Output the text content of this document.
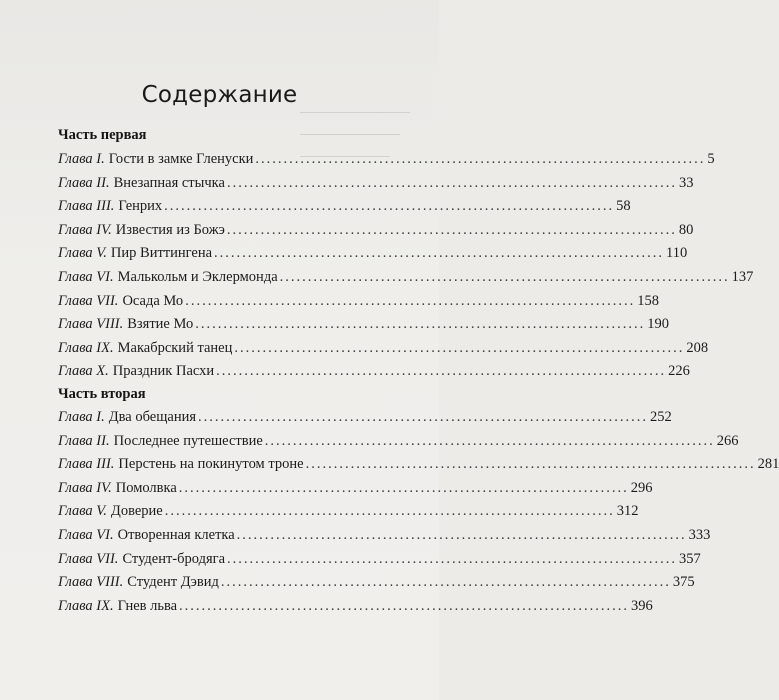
Содержание
Часть первая
Глава I. Гости в замке Гленуски ................................................................................ 5
Глава II. Внезапная стычка ................................................................................ 33
Глава III. Генрих ................................................................................ 58
Глава IV. Известия из Божэ ................................................................................ 80
Глава V. Пир Виттингена ................................................................................ 110
Глава VI. Малькольм и Эклермонда ................................................................................ 137
Глава VII. Осада Мо ................................................................................ 158
Глава VIII. Взятие Мо ................................................................................ 190
Глава IX. Макабрский танец ................................................................................ 208
Глава X. Праздник Пасхи ................................................................................ 226
Часть вторая
Глава I. Два обещания ................................................................................ 252
Глава II. Последнее путешествие ................................................................................ 266
Глава III. Перстень на покинутом троне ................................................................................ 281
Глава IV. Помолвка ................................................................................ 296
Глава V. Доверие ................................................................................ 312
Глава VI. Отворенная клетка ................................................................................ 333
Глава VII. Студент-бродяга ................................................................................ 357
Глава VIII. Студент Дэвид ................................................................................ 375
Глава IX. Гнев льва ................................................................................ 396
